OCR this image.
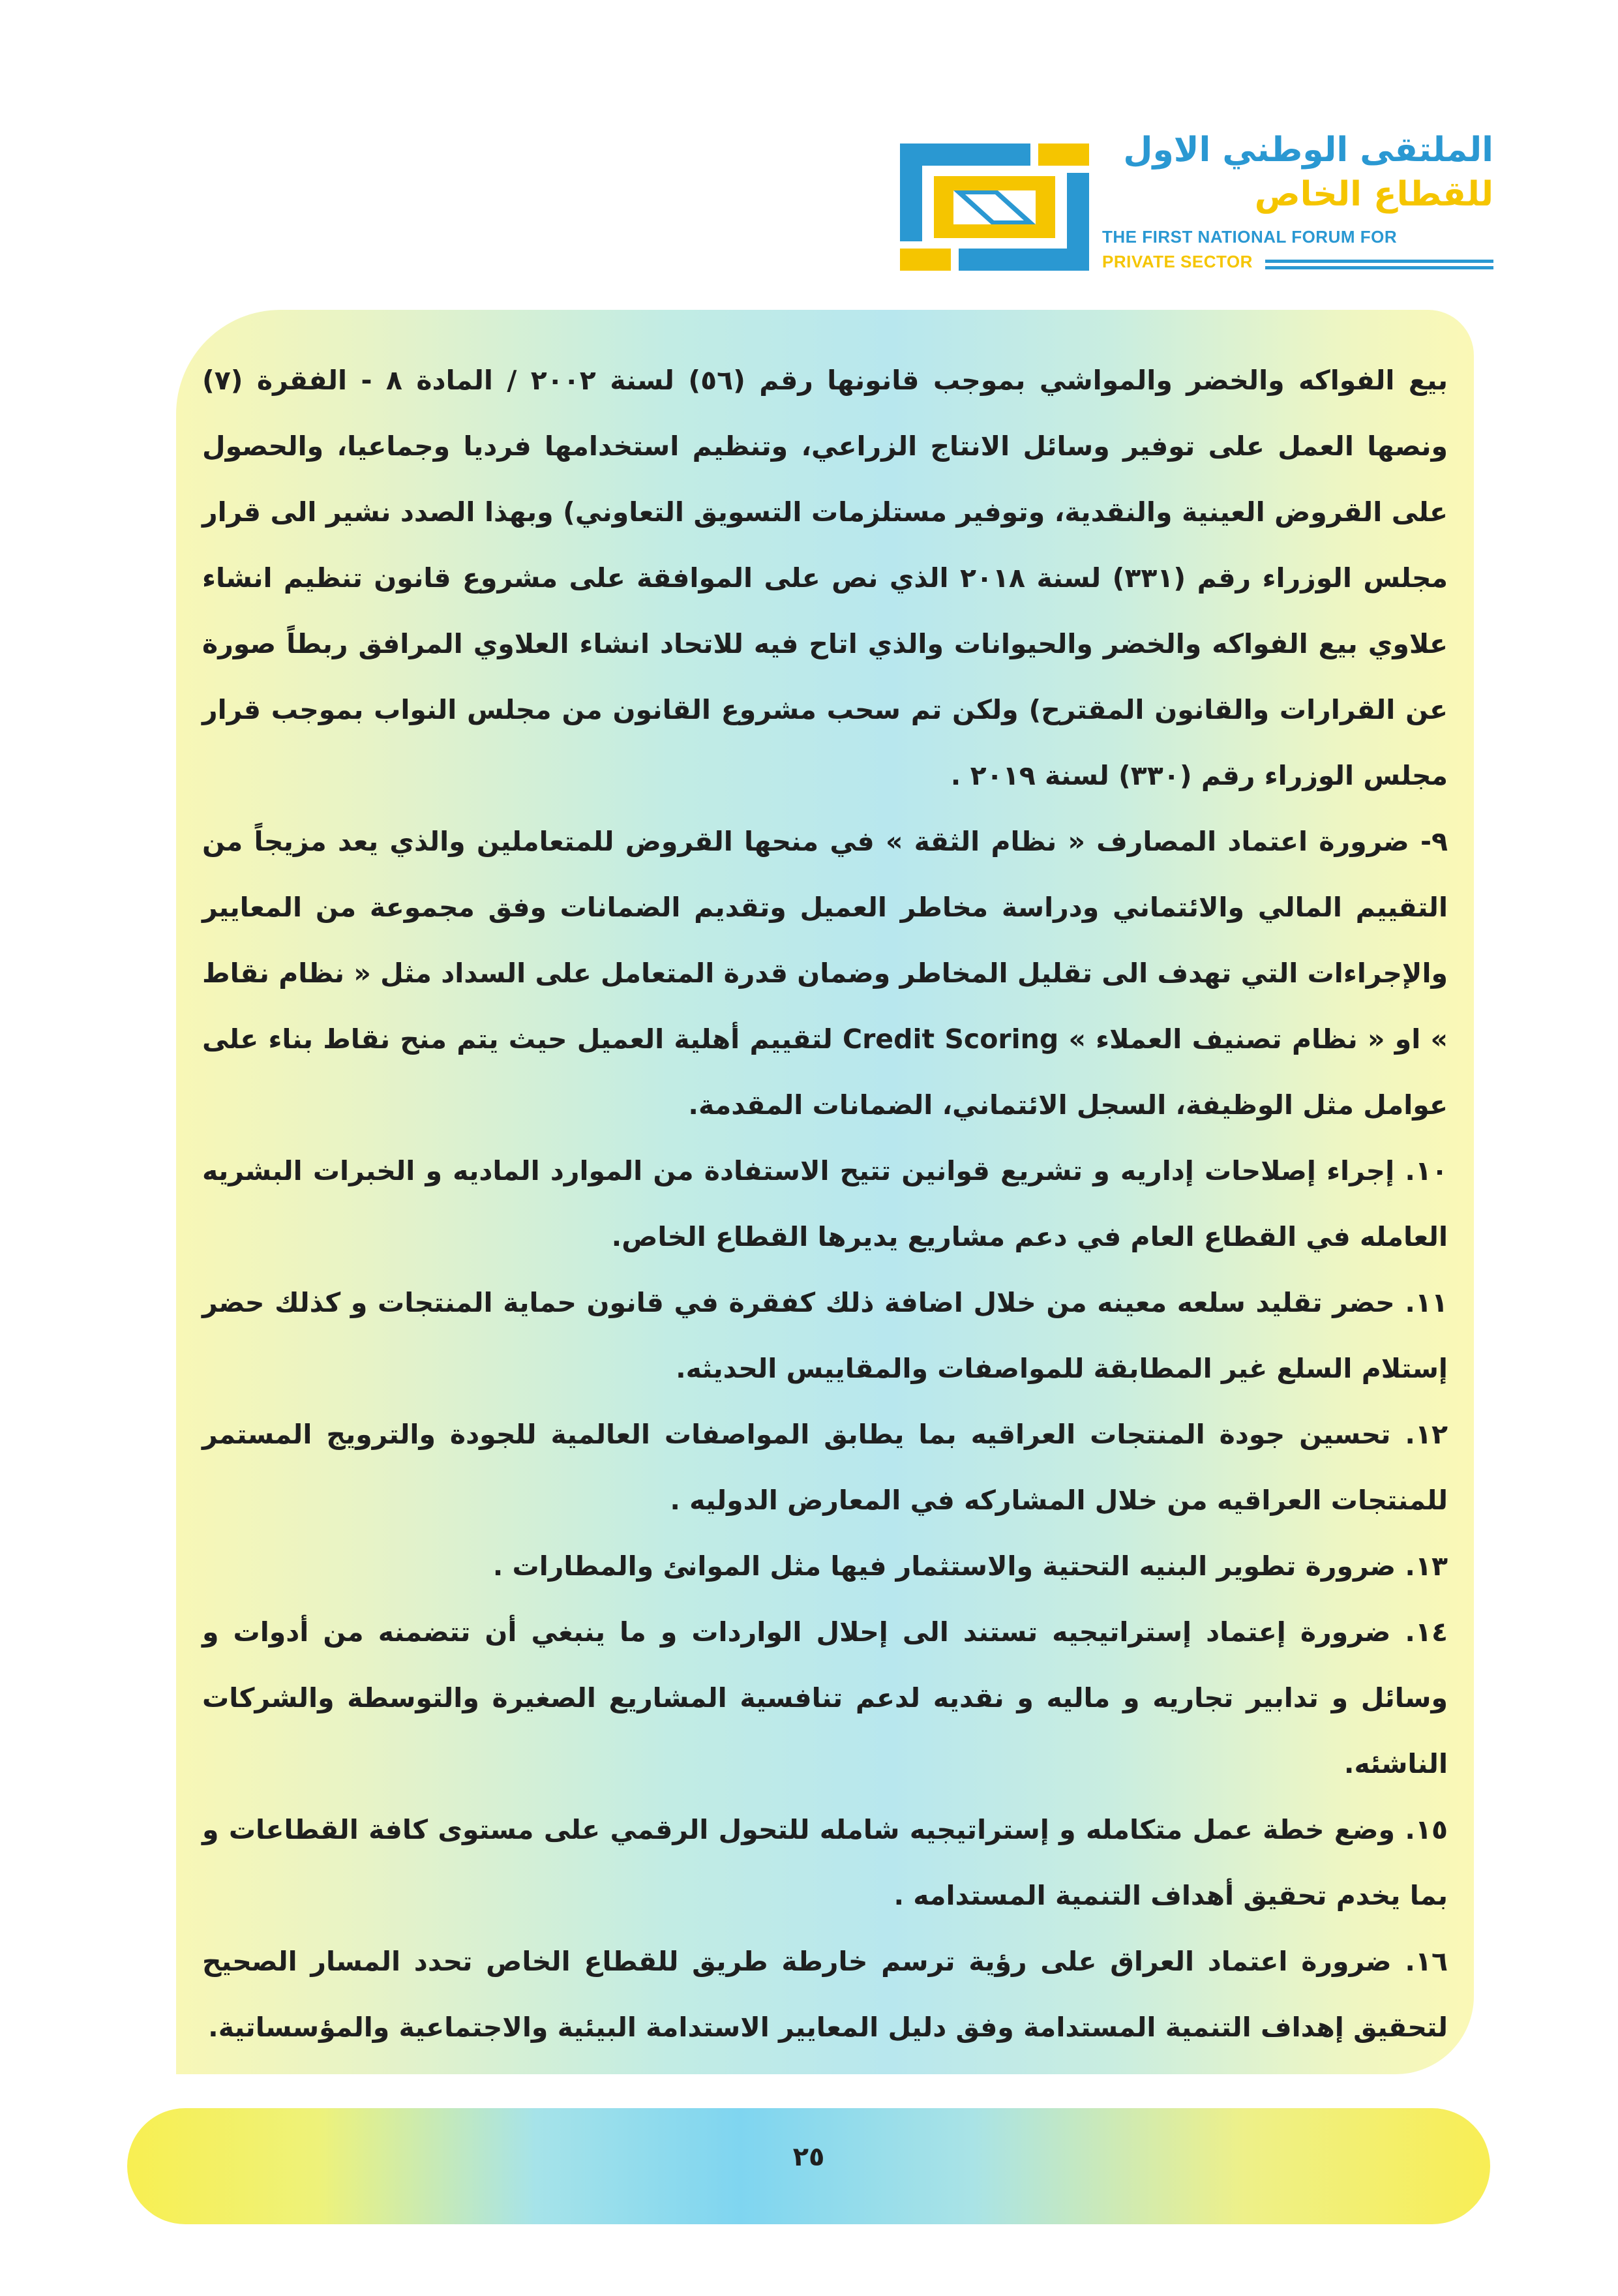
الملتقى الوطني الاول
للقطاع الخاص
THE FIRST NATIONAL FORUM FOR
PRIVATE SECTOR

بيع الفواكه والخضر والمواشي بموجب قانونها رقم (٥٦) لسنة ٢٠٠٢ / المادة ٨ - الفقرة (٧) ونصها العمل على توفير وسائل الانتاج الزراعي، وتنظيم استخدامها فرديا وجماعيا، والحصول على القروض العينية والنقدية، وتوفير مستلزمات التسويق التعاوني) وبهذا الصدد نشير الى قرار مجلس الوزراء رقم (٣٣١) لسنة ٢٠١٨ الذي نص على الموافقة على مشروع قانون تنظيم انشاء علاوي بيع الفواكه والخضر والحيوانات والذي اتاح فيه للاتحاد انشاء العلاوي المرافق ربطاً صورة عن القرارات والقانون المقترح) ولكن تم سحب مشروع القانون من مجلس النواب بموجب قرار مجلس الوزراء رقم (٣٣٠) لسنة ٢٠١٩ .

٩- ضرورة اعتماد المصارف « نظام الثقة » في منحها القروض للمتعاملين والذي يعد مزيجاً من التقييم المالي والائتماني ودراسة مخاطر العميل وتقديم الضمانات وفق مجموعة من المعايير والإجراءات التي تهدف الى تقليل المخاطر وضمان قدرة المتعامل على السداد مثل « نظام نقاط » او « نظام تصنيف العملاء » Credit Scoring لتقييم أهلية العميل حيث يتم منح نقاط بناء على عوامل مثل الوظيفة، السجل الائتماني، الضمانات المقدمة.

١٠. إجراء إصلاحات إداريه و تشريع قوانين تتيح الاستفادة من الموارد الماديه و الخبرات البشريه العامله في القطاع العام في دعم مشاريع يديرها القطاع الخاص.

١١. حضر تقليد سلعه معينه من خلال اضافة ذلك كفقرة في قانون حماية المنتجات و كذلك حضر إستلام السلع غير المطابقة للمواصفات والمقاييس الحديثه.

١٢. تحسين جودة المنتجات العراقيه بما يطابق المواصفات العالمية للجودة والترويج المستمر للمنتجات العراقيه من خلال المشاركه في المعارض الدوليه .

١٣. ضرورة تطوير البنيه التحتية والاستثمار فيها مثل الموانئ والمطارات .

١٤. ضرورة إعتماد إستراتيجيه تستند الى إحلال الواردات و ما ينبغي أن تتضمنه من أدوات و وسائل و تدابير تجاريه و ماليه و نقديه لدعم تنافسية المشاريع الصغيرة والتوسطة والشركات الناشئه.

١٥. وضع خطة عمل متكامله و إستراتيجيه شامله للتحول الرقمي على مستوى كافة القطاعات و بما يخدم تحقيق أهداف التنمية المستدامه .

١٦. ضرورة اعتماد العراق على رؤية ترسم خارطة طريق للقطاع الخاص تحدد المسار الصحيح لتحقيق إهداف التنمية المستدامة وفق دليل المعايير الاستدامة البيئية والاجتماعية والمؤسساتية.

٢٥
